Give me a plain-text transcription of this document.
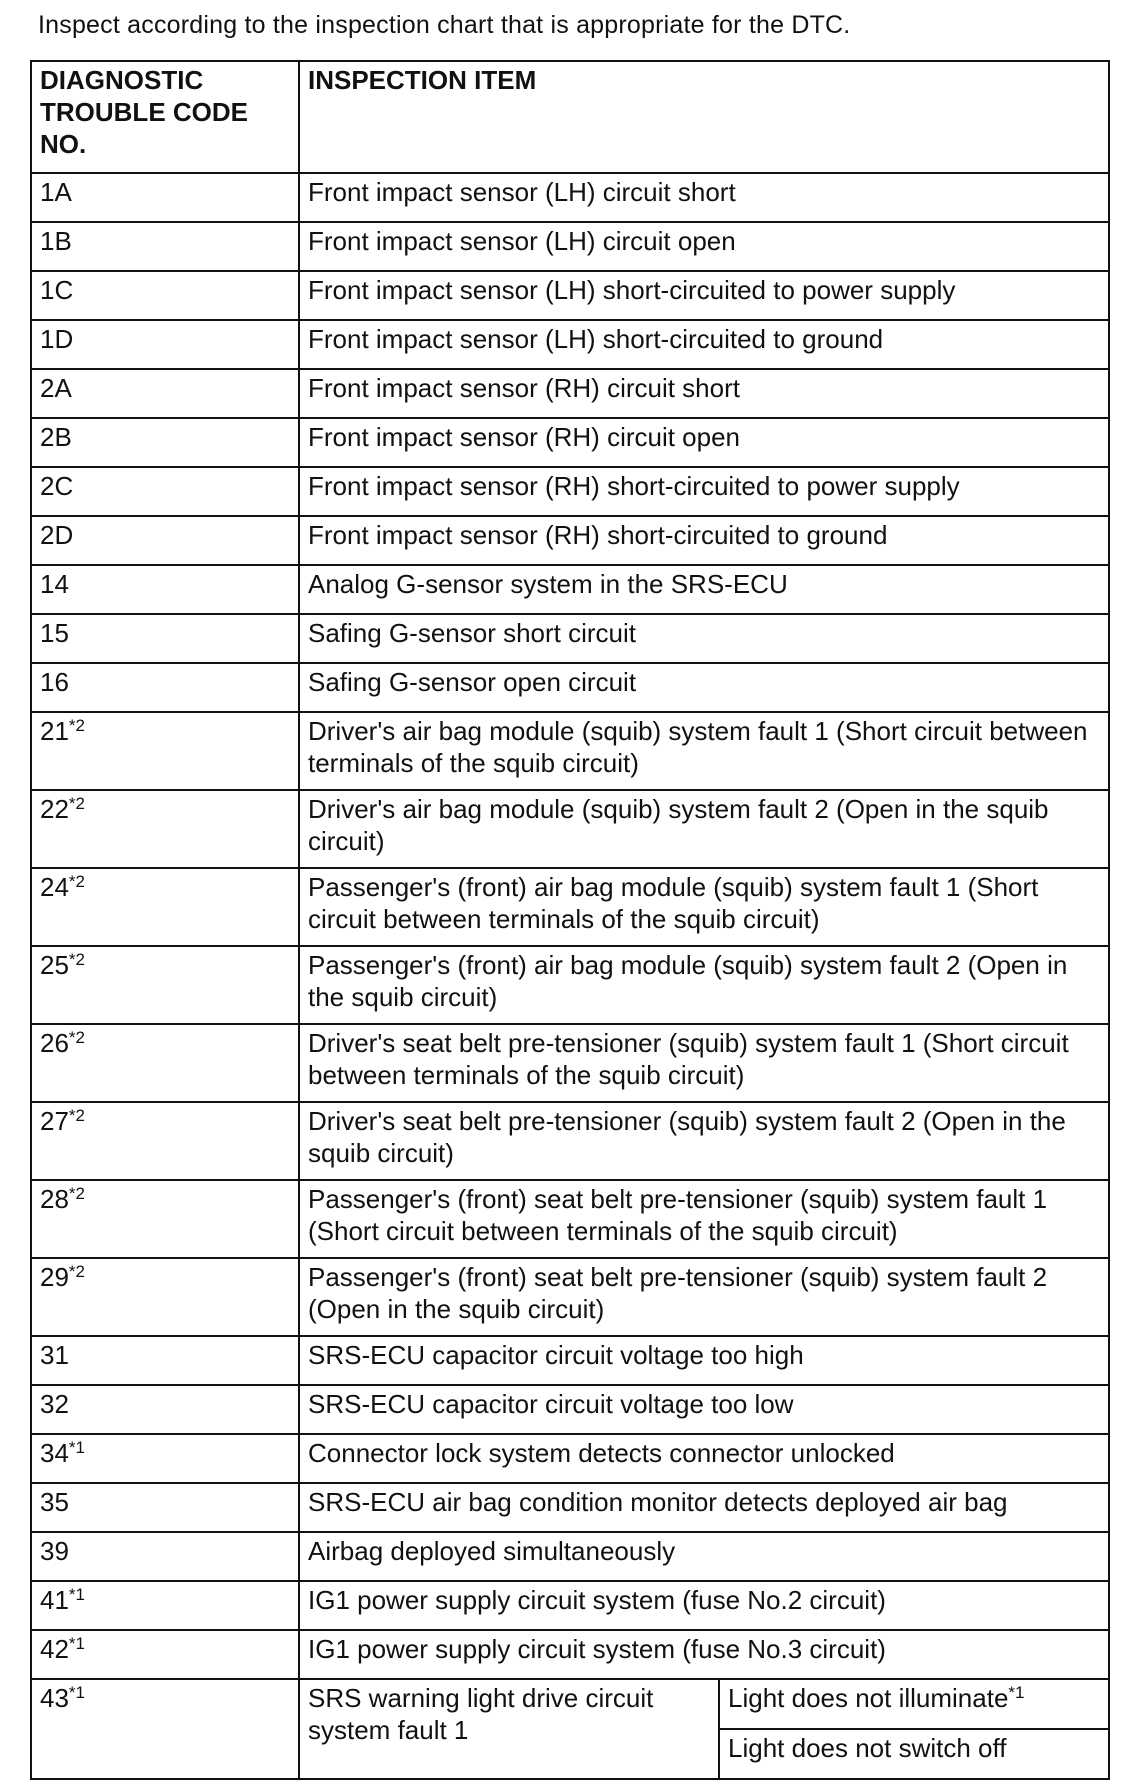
Inspect according to the inspection chart that is appropriate for the DTC.
DIAGNOSTIC TROUBLE CODE NO.	INSPECTION ITEM	
1A	Front impact sensor (LH) circuit short	
1B	Front impact sensor (LH) circuit open	
1C	Front impact sensor (LH) short-circuited to power supply	
1D	Front impact sensor (LH) short-circuited to ground	
2A	Front impact sensor (RH) circuit short	
2B	Front impact sensor (RH) circuit open	
2C	Front impact sensor (RH) short-circuited to power supply	
2D	Front impact sensor (RH) short-circuited to ground	
14	Analog G-sensor system in the SRS-ECU	
15	Safing G-sensor short circuit	
16	Safing G-sensor open circuit	
21$^{*2}$	Driver's air bag module (squib) system fault 1 (Short circuit between terminals of the squib circuit)	
22$^{*2}$	Driver's air bag module (squib) system fault 2 (Open in the squib circuit)	
24$^{*2}$	Passenger's (front) air bag module (squib) system fault 1 (Short circuit between terminals of the squib circuit)	
25$^{*2}$	Passenger's (front) air bag module (squib) system fault 2 (Open in the squib circuit)	
26$^{*2}$	Driver's seat belt pre-tensioner (squib) system fault 1 (Short circuit between terminals of the squib circuit)	
27$^{*2}$	Driver's seat belt pre-tensioner (squib) system fault 2 (Open in the squib circuit)	
28$^{*2}$	Passenger's (front) seat belt pre-tensioner (squib) system fault 1 (Short circuit between terminals of the squib circuit)	
29$^{*2}$	Passenger's (front) seat belt pre-tensioner (squib) system fault 2 (Open in the squib circuit)	
31	SRS-ECU capacitor circuit voltage too high	
32	SRS-ECU capacitor circuit voltage too low	
34$^{*1}$	Connector lock system detects connector unlocked	
35	SRS-ECU air bag condition monitor detects deployed air bag	
39	Airbag deployed simultaneously	
41$^{*1}$	IG1 power supply circuit system (fuse No.2 circuit)	
42$^{*1}$	IG1 power supply circuit system (fuse No.3 circuit)	
43$^{*1}$	SRS warning light drive circuit system fault 1	Light does not illuminate$^{*1}$
		Light does not switch off
